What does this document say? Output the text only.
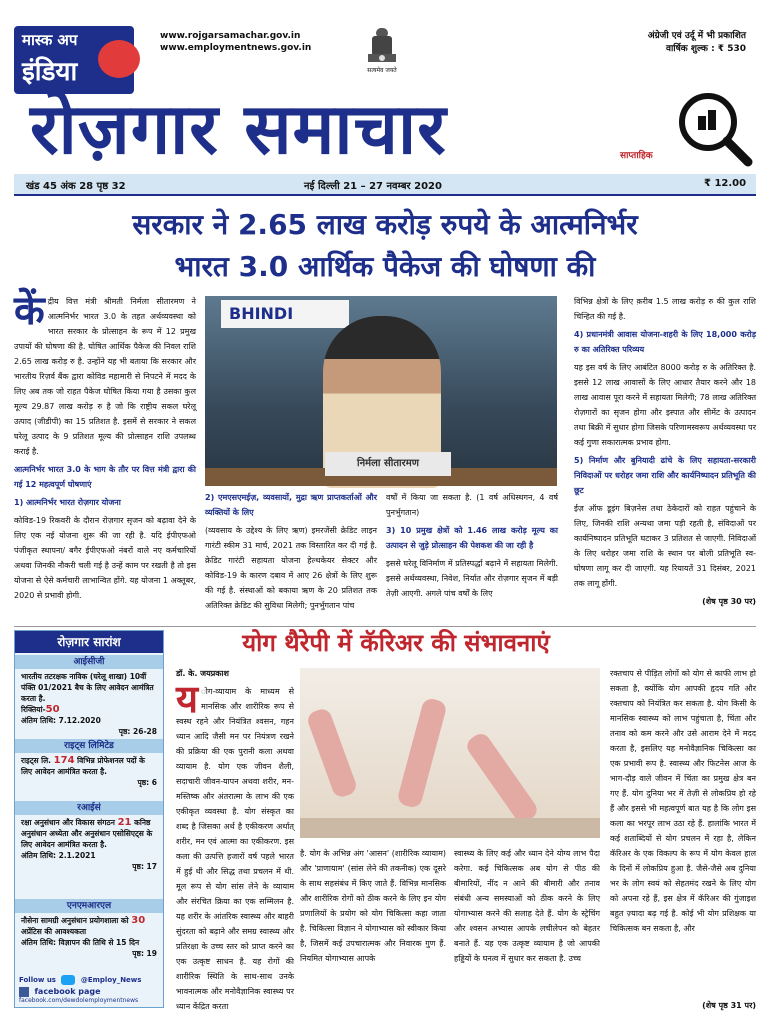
मास्क अप
इंडिया
www.rojgarsamachar.gov.in
www.employmentnews.gov.in
सत्यमेव जयते
अंग्रेजी एवं उर्दू में भी प्रकाशित
वार्षिक शुल्क : ₹ 530
रोज़गार समाचार	साप्ताहिक
खंड 45 अंक 28 पृष्ठ 32	नई दिल्ली 21 – 27 नवम्बर 2020	₹ 12.00
सरकार ने 2.65 लाख करोड़ रुपये के आत्मनिर्भर
भारत 3.0 आर्थिक पैकेज की घोषणा की

केंद्रीय वित्त मंत्री श्रीमती निर्मला सीतारमण ने आत्मनिर्भर भारत 3.0 के तहत अर्थव्यवस्था को भारत सरकार के प्रोत्साहन के रूप में 12 प्रमुख उपायों की घोषणा की है. घोषित आर्थिक पैकेज की निवल राशि 2.65 लाख करोड़ रु है. उन्होंने यह भी बताया कि सरकार और भारतीय रिज़र्व बैंक द्वारा कोविड महामारी से निपटने में मदद के लिए अब तक जो राहत पैकेज घोषित किया गया है उसका कुल मूल्य 29.87 लाख करोड़ रु है जो कि राष्ट्रीय सकल घरेलू उत्पाद (जीडीपी) का 15 प्रतिशत है. इसमें से सरकार ने सकल घरेलू उत्पाद के 9 प्रतिशत मूल्य की प्रोत्साहन राशि उपलब्ध कराई है.

आत्मनिर्भर भारत 3.0 के भाग के तौर पर वित्त मंत्री द्वारा की गई 12 महत्वपूर्ण घोषणाएं

1) आत्मनिर्भर भारत रोज़गार योजना

कोविड-19 रिकवरी के दौरान रोज़गार सृजन को बढ़ावा देने के लिए एक नई योजना शुरू की जा रही है. यदि ईपीएफओ पंजीकृत स्थापना/ बगैर ईपीएफओ नंबरों वाले नए कर्मचारियों अथवा जिनकी नौकरी चली गई है उन्हें काम पर रखती है तो इस योजना से ऐसे कर्मचारी लाभान्वित होंगे. यह योजना 1 अक्तूबर, 2020 से प्रभावी होगी.

BHINDI
निर्मला सीतारमण

2) एमएसएमईज़, व्यवसायों, मुद्रा ऋण प्राप्तकर्ताओं और व्यक्तियों के लिए

(व्यवसाय के उद्देश्य के लिए ऋण) इमरजेंसी क्रेडिट लाइन गारंटी स्कीम 31 मार्च, 2021 तक विस्तारित कर दी गई है. क्रेडिट गारंटी सहायता योजना हेल्थकेयर सेक्टर और कोविड-19 के कारण दबाव में आए 26 क्षेत्रों के लिए शुरू की गई है. संस्थाओं को बकाया ऋण के 20 प्रतिशत तक अतिरिक्त क्रेडिट की सुविधा मिलेगी; पुनर्भुगतान पांच

वर्षों में किया जा सकता है. (1 वर्ष अधिस्थगन, 4 वर्ष पुनर्भुगतान)

3) 10 प्रमुख क्षेत्रों को 1.46 लाख करोड़ मूल्य का उत्पादन से जुड़े प्रोत्साहन की पेशकश की जा रही है

इससे घरेलू विनिर्माण में प्रतिस्पर्द्धा बढ़ाने में सहायता मिलेगी. इससे अर्थव्यवस्था, निवेश, निर्यात और रोज़गार सृजन में बड़ी तेज़ी आएगी. अगले पांच वर्षों के लिए

विभिन्न क्षेत्रों के लिए क़रीब 1.5 लाख करोड़ रु की कुल राशि चिन्हित की गई है.

4) प्रधानमंत्री आवास योजना-शहरी के लिए 18,000 करोड़ रु का अतिरिक्त परिव्यय

यह इस वर्ष के लिए आबंटित 8000 करोड़ रु के अतिरिक्त है. इससे 12 लाख आवासों के लिए आधार तैयार करने और 18 लाख आवास पूरा करने में सहायता मिलेगी; 78 लाख अतिरिक्त रोज़गारों का सृजन होगा और इस्पात और सीमेंट के उत्पादन तथा बिक्री में सुधार होगा जिसके परिणामस्वरूप अर्थव्यवस्था पर कई गुणा सकारात्मक प्रभाव होगा.

5) निर्माण और बुनियादी ढांचे के लिए सहायता-सरकारी निविदाओं पर धरोहर जमा राशि और कार्यनिष्पादन प्रतिभूति की छूट

ईज़ ऑफ डूइंग बिज़नेस तथा ठेकेदारों को राहत पहुंचाने के लिए, जिनकी राशि अन्यथा जमा पड़ी रहती है, संविदाओं पर कार्यनिष्पादन प्रतिभूति घटाकर 3 प्रतिशत से जाएगी. निविदाओं के लिए धरोहर जमा राशि के स्थान पर बोली प्रतिभूति स्व-घोषणा लागू कर दी जाएगी. यह रियायतें 31 दिसंबर, 2021 तक लागू होंगी.

(शेष पृष्ठ 30 पर)

रोज़गार सारांश
आईसीजी
भारतीय तटरक्षक नाविक (घरेलू शाखा) 10वीं पंक्ति 01/2021 बैच के लिए आवेदन आमंत्रित करता है.
रिक्तियां-50
अंतिम तिथि: 7.12.2020
पृष्ठ: 26-28
राइट्स लिमिटेड
राइट्स लि. 174 विभिन्न प्रोफेशनल पदों के लिए आवेदन आमंत्रित करता है.
पृष्ठ: 6
रआईसं
रक्षा अनुसंधान और विकास संगठन 21 कनिष्ठ अनुसंधान अध्येता और अनुसंधान एसोसिएट्स के लिए आवेदन आमंत्रित करता है.
अंतिम तिथि: 2.1.2021
पृष्ठ: 17
एनएमआरएल
नौसेना सामग्री अनुसंधान प्रयोगशाला को 30 अप्रेंटिस की आवश्यकता
अंतिम तिथि: विज्ञापन की तिथि से 15 दिन
पृष्ठ: 19
Follow us	@Employ_News
facebook page
facebook.com/dewdolemploymentnews
योग थैरेपी में कॅरिअर की संभावनाएं

डॉ. के. जयप्रकाश

य ोग-व्यायाम के माध्यम से मानसिक और शारीरिक रूप से स्वस्थ रहने और नियंत्रित श्वसन, गहन ध्यान आदि जैसी मन पर नियंत्रण रखने की प्रक्रिया की एक पुरानी कला अथवा व्यायाम है. योग एक जीवन शैली, सदाचारी जीवन-यापन अथवा शरीर, मन-मस्तिष्क और अंतरात्मा के लाभ की एक एकीकृत व्यवस्था है. योग संस्कृत का शब्द है जिसका अर्थ है एकीकरण अर्थात् शरीर, मन एवं आत्मा का एकीकरण. इस कला की उत्पत्ति हजारों वर्ष पहले भारत में हुई थी और सिद्ध तथा प्रचलन में थी. मूल रूप से योग सांस लेने के व्यायाम और संरचित क्रिया का एक सम्मिलन है. यह शरीर के आंतरिक स्वास्थ्य और बाहरी सुंदरता को बढ़ाने और समग्र स्वास्थ्य और प्रतिरक्षा के उच्च स्तर को प्राप्त करने का एक उत्कृष्ट साधन है. यह रोगों की शारीरिक स्थिति के साथ-साथ उनके भावनात्मक और मनोवैज्ञानिक स्वास्थ्य पर ध्यान केंद्रित करता

है. योग के अभिन्न अंग 'आसन' (शारीरिक व्यायाम) और 'प्राणायाम' (सांस लेने की तकनीक) एक दूसरे के साथ सहसंबंध में किए जाते हैं. विभिन्न मानसिक और शारीरिक रोगों को ठीक करने के लिए इन योग प्रणालियों के प्रयोग को योग चिकित्सा कहा जाता है. चिकित्सा विज्ञान ने योगाभ्यास को स्वीकार किया है, जिसमें कई उपचारात्मक और निवारक गुण हैं. नियमित योगाभ्यास आपके

स्वास्थ्य के लिए कई और ध्यान देने योग्य लाभ पैदा करेगा. कई चिकित्सक अब योग से पीठ की बीमारियों, नींद न आने की बीमारी और तनाव संबंधी अन्य समस्याओं को ठीक करने के लिए योगाभ्यास करने की सलाह देते हैं. योग के स्ट्रेचिंग और श्वसन अभ्यास आपके लचीलेपन को बेहतर बनाते हैं. यह एक उत्कृष्ट व्यायाम है जो आपकी हड्डियों के घनत्व में सुधार कर सकता है. उच्च

रक्तचाप से पीड़ित लोगों को योग से काफी लाभ हो सकता है, क्योंकि योग आपकी हृदय गति और रक्तचाप को नियंत्रित कर सकता है. योग किसी के मानसिक स्वास्थ्य को लाभ पहुंचाता है, चिंता और तनाव को कम करने और उसे आराम देने में मदद करता है, इसलिए यह मनोवैज्ञानिक चिकित्सा का एक प्रभावी रूप है. स्वास्थ्य और फिटनेस आज के भाग-दौड़ वाले जीवन में चिंता का प्रमुख क्षेत्र बन गए हैं. योग दुनिया भर में तेज़ी से लोकप्रिय हो रहे हैं और इससे भी महत्वपूर्ण बात यह है कि लोग इस कला का भरपूर लाभ उठा रहे हैं. हालांकि भारत में कई शताब्दियों से योग प्रचलन में रहा है, लेकिन कॅरिअर के एक विकल्प के रूप में योग केवल हाल के दिनों में लोकप्रिय हुआ है. जैसे-जैसे अब दुनिया भर के लोग स्वयं को सेहतमंद रखने के लिए योग को अपना रहे हैं, इस क्षेत्र में कॅरिअर की गुंजाइश बहुत ज़्यादा बढ़ गई है. कोई भी योग प्रशिक्षक या चिकित्सक बन सकता है, और

(शेष पृष्ठ 31 पर)
